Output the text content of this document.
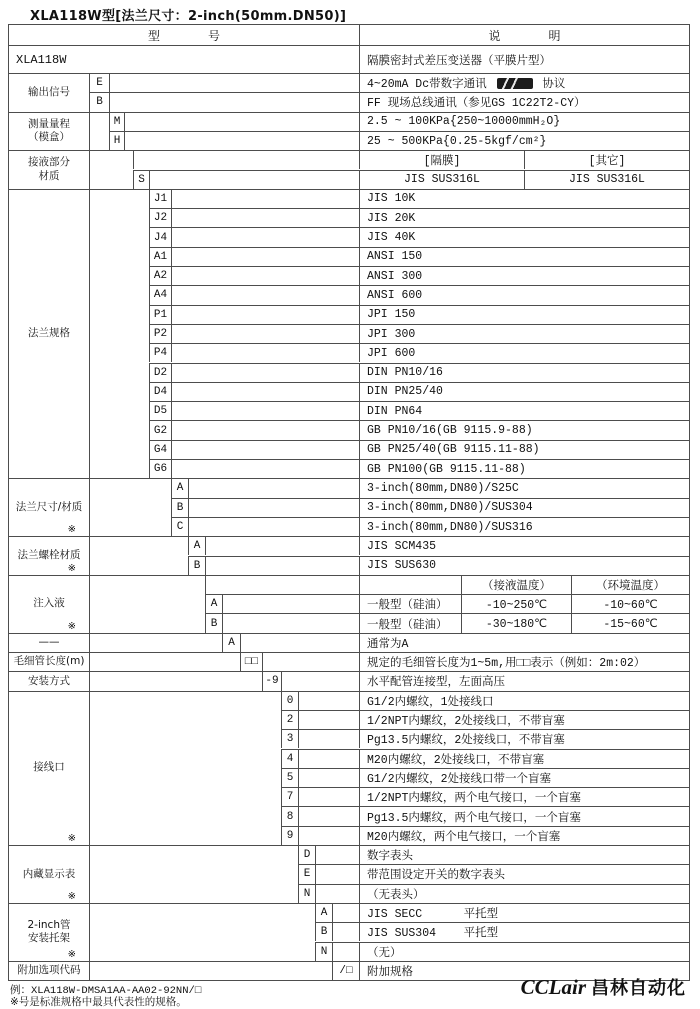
XLA118W型[法兰尺寸：2-inch(50mm.DN50)]
型　　　　号	说　　　　明
XLA118W	隔膜密封式差压变送器（平膜片型）
输出信号
E	4~20mA Dc带数字通讯	协议
B	FF 现场总线通讯（参见GS 1C22T2-CY）
测量量程
（模盒）
M	2.5 ~ 100KPa{250~10000mmH₂O}
H	25 ~ 500KPa{0.25-5kgf/cm²}
接液部分
材质
[隔膜]	[其它]
S	JIS SUS316L	JIS SUS316L
法兰规格
J1	JIS 10K
J2	JIS 20K
J4	JIS 40K
A1	ANSI 150
A2	ANSI 300
A4	ANSI 600
P1	JPI 150
P2	JPI 300
P4	JPI 600
D2	DIN PN10/16
D4	DIN PN25/40
D5	DIN PN64
G2	GB PN10/16(GB 9115.9-88)
G4	GB PN25/40(GB 9115.11-88)
G6	GB PN100(GB 9115.11-88)
法兰尺寸/材质
※
A	3-inch(80mm,DN80)/S25C
B	3-inch(80mm,DN80)/SUS304
C	3-inch(80mm,DN80)/SUS316
法兰螺栓材质
※
A	JIS SCM435
B	JIS SUS630
注入液
※
（接液温度）	（环境温度）
A	一般型（硅油）	-10~250℃	-10~60℃
B	一般型（硅油）	-30~180℃	-15~60℃
——	A	通常为A
毛细管长度(m)	□□	规定的毛细管长度为1~5m,用□□表示（例如：2m:02）
安装方式	-9	水平配管连接型，左面高压
接线口
※
0	G1/2内螺纹，1处接线口
2	1/2NPT内螺纹，2处接线口，不带盲塞
3	Pg13.5内螺纹，2处接线口，不带盲塞
4	M20内螺纹，2处接线口，不带盲塞
5	G1/2内螺纹，2处接线口带一个盲塞
7	1/2NPT内螺纹，两个电气接口，一个盲塞
8	Pg13.5内螺纹，两个电气接口，一个盲塞
9	M20内螺纹，两个电气接口，一个盲塞
内藏显示表
※
D	数字表头
E	带范围设定开关的数字表头
N	（无表头）
2-inch管
安装托架
※
A	JIS SECC      平托型
B	JIS SUS304    平托型
N	（无）
附加选项代码	/□ 附加规格
例：XLA118W-DMSA1AA-AA02-92NN/□
※号是标准规格中最具代表性的规格。
CCLair 昌林自动化
